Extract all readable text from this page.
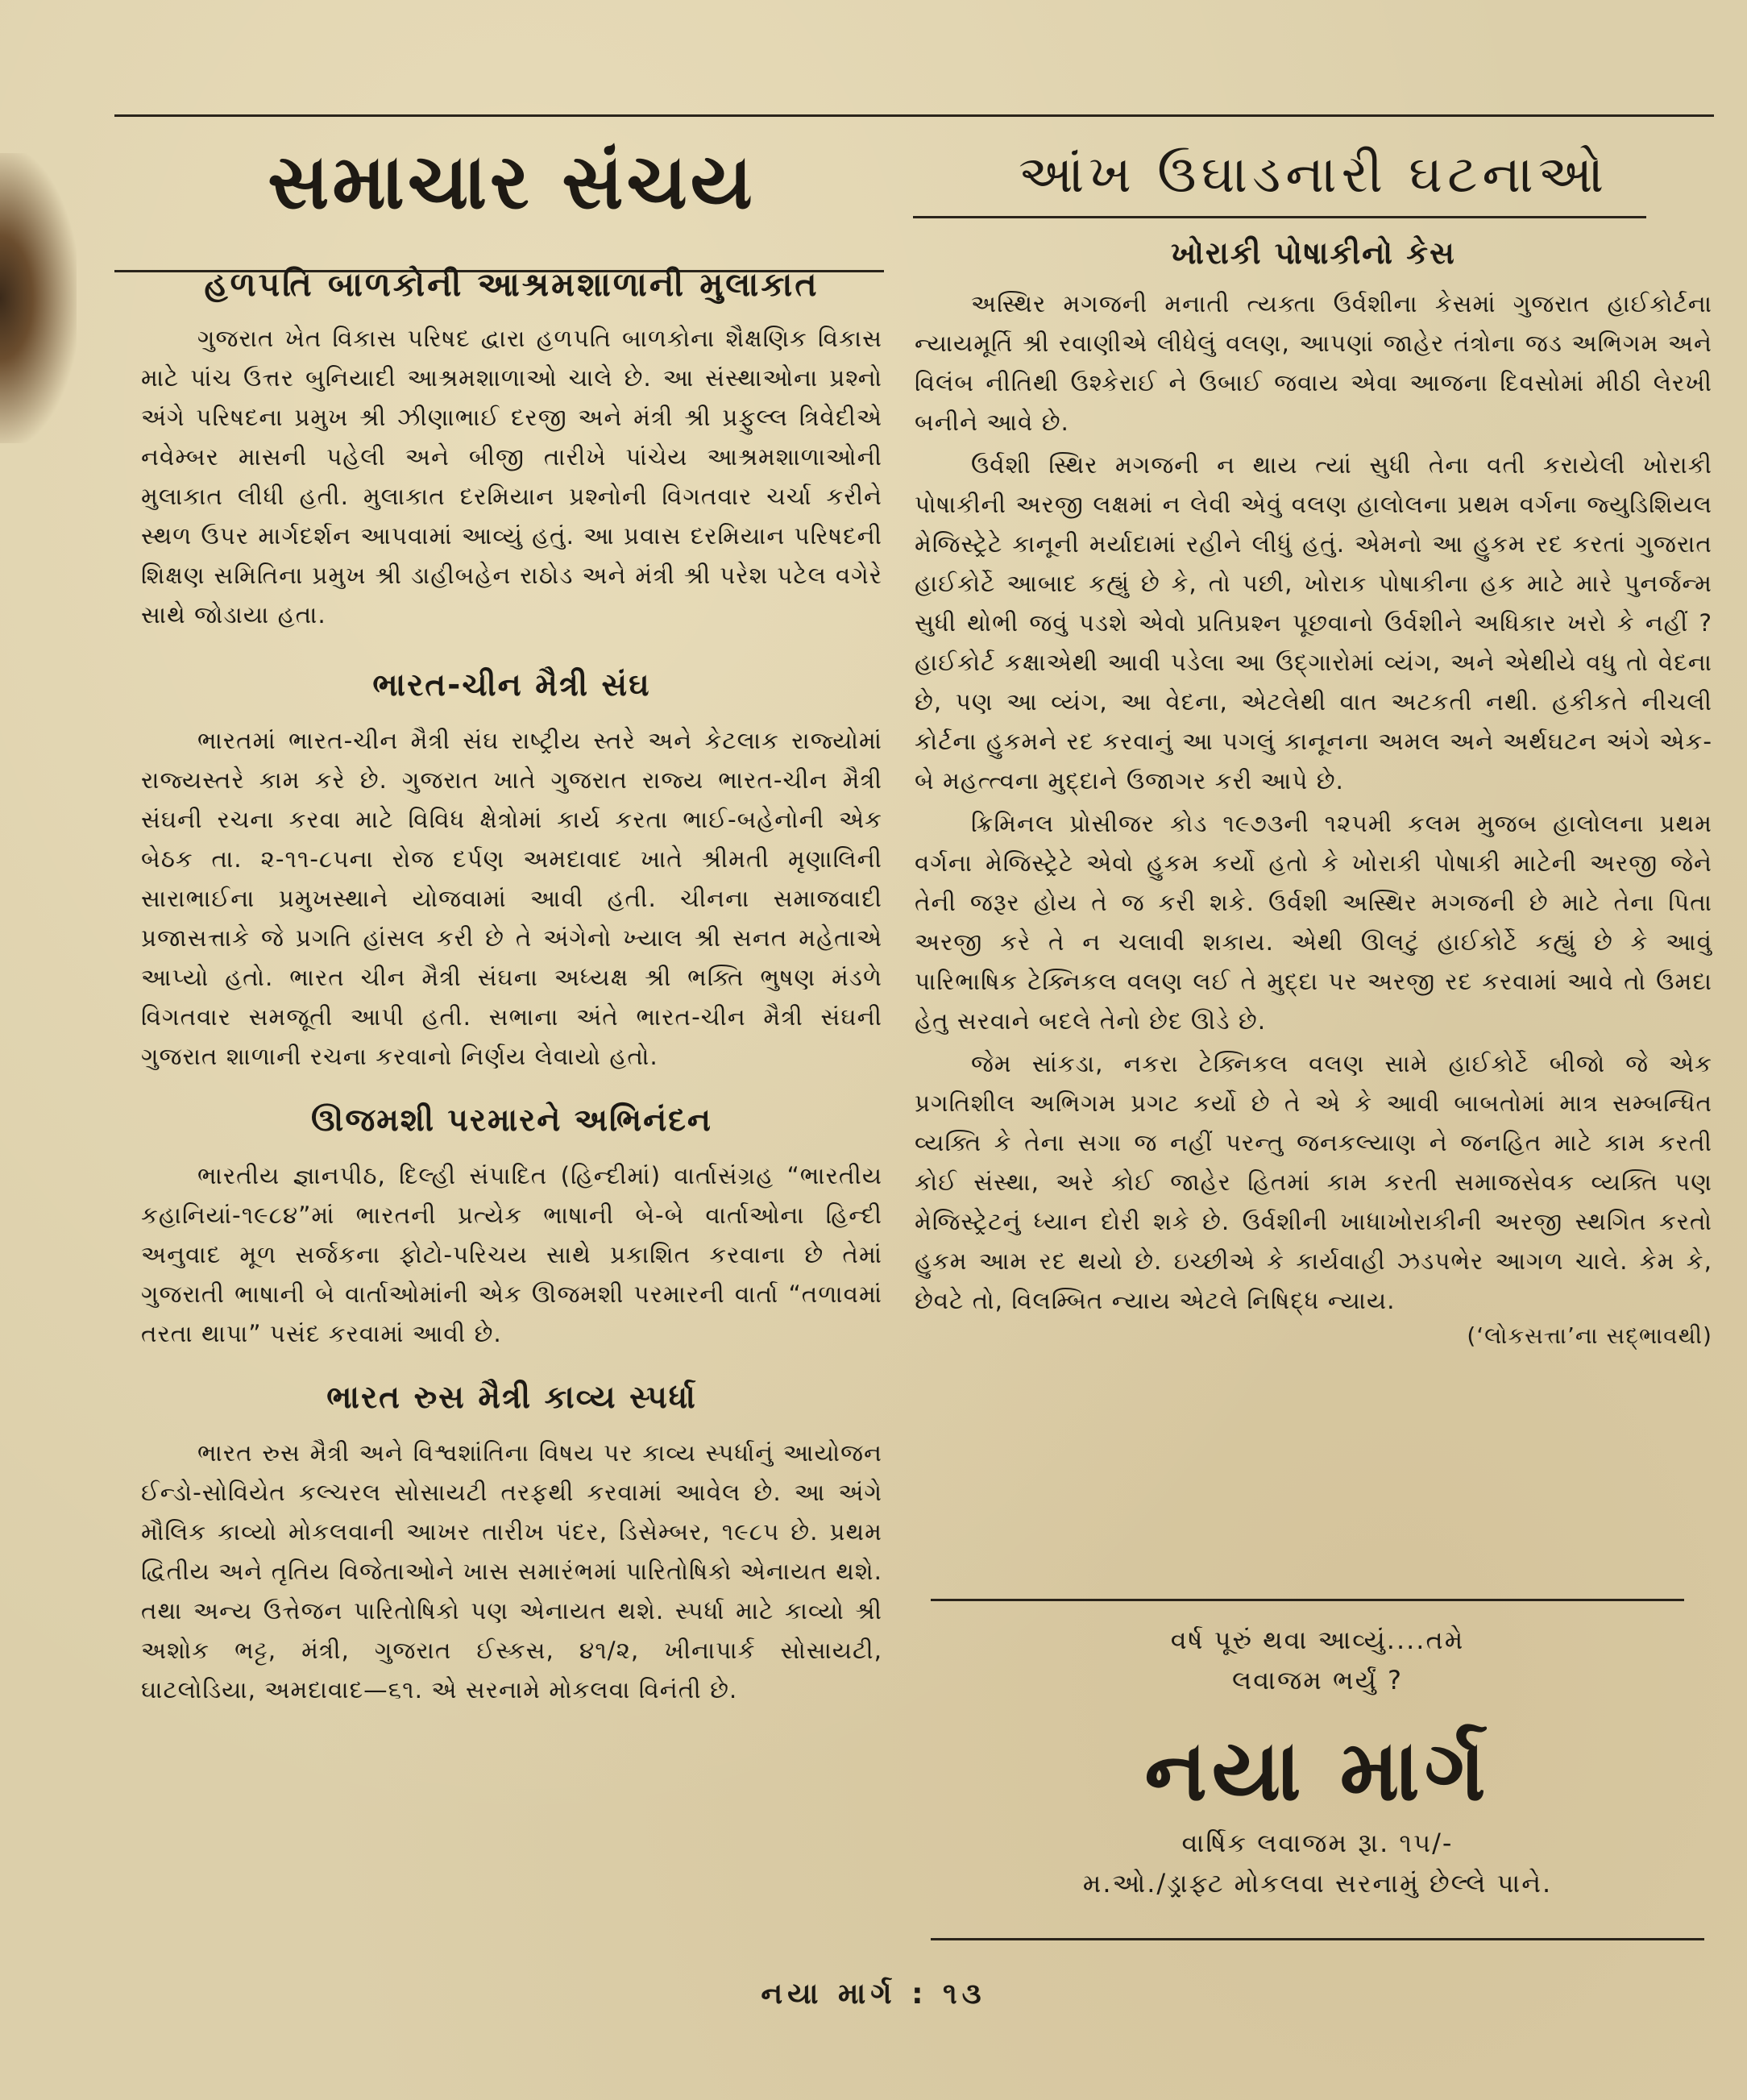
સમાચાર સંચય
હળપતિ બાળકોની આશ્રમશાળાની મુલાકાત

ગુજરાત ખેત વિકાસ પરિષદ દ્વારા હળપતિ બાળકોના શૈક્ષણિક વિકાસ માટે પાંચ ઉત્તર બુનિયાદી આશ્રમશાળાઓ ચાલે છે. આ સંસ્થાઓના પ્રશ્નો અંગે પરિષદના પ્રમુખ શ્રી ઝીણાભાઈ દરજી અને મંત્રી શ્રી પ્રફુલ્લ ત્રિવેદીએ નવેમ્બર માસની પહેલી અને બીજી તારીખે પાંચેય આશ્રમશાળાઓની મુલાકાત લીધી હતી. મુલાકાત દરમિયાન પ્રશ્નોની વિગતવાર ચર્ચા કરીને સ્થળ ઉપર માર્ગદર્શન આપવામાં આવ્યું હતું. આ પ્રવાસ દરમિયાન પરિષદની શિક્ષણ સમિતિના પ્રમુખ શ્રી ડાહીબહેન રાઠોડ અને મંત્રી શ્રી પરેશ પટેલ વગેરે સાથે જોડાયા હતા.

ભારત-ચીન મૈત્રી સંઘ

ભારતમાં ભારત-ચીન મૈત્રી સંઘ રાષ્ટ્રીય સ્તરે અને કેટલાક રાજ્યોમાં રાજ્યસ્તરે કામ કરે છે. ગુજરાત ખાતે ગુજરાત રાજ્ય ભારત-ચીન મૈત્રી સંઘની રચના કરવા માટે વિવિધ ક્ષેત્રોમાં કાર્ય કરતા ભાઈ-બહેનોની એક બેઠક તા. ૨-૧૧-૮૫ના રોજ દર્પણ અમદાવાદ ખાતે શ્રીમતી મૃણાલિની સારાભાઈના પ્રમુખસ્થાને યોજવામાં આવી હતી. ચીનના સમાજવાદી પ્રજાસત્તાકે જે પ્રગતિ હાંસલ કરી છે તે અંગેનો ખ્યાલ શ્રી સનત મહેતાએ આપ્યો હતો. ભારત ચીન મૈત્રી સંઘના અધ્યક્ષ શ્રી ભક્તિ ભુષણ મંડળે વિગતવાર સમજૂતી આપી હતી. સભાના અંતે ભારત-ચીન મૈત્રી સંઘની ગુજરાત શાળાની રચના કરવાનો નિર્ણય લેવાયો હતો.

ઊજમશી પરમારને અભિનંદન

ભારતીય જ્ઞાનપીઠ, દિલ્હી સંપાદિત (હિન્દીમાં) વાર્તાસંગ્રહ “ભારતીય કહાનિયાં-૧૯૮૪”માં ભારતની પ્રત્યેક ભાષાની બે-બે વાર્તાઓના હિન્દી અનુવાદ મૂળ સર્જકના ફોટો-પરિચય સાથે પ્રકાશિત કરવાના છે તેમાં ગુજરાતી ભાષાની બે વાર્તાઓમાંની એક ઊજમશી પરમારની વાર્તા “તળાવમાં તરતા થાપા” પસંદ કરવામાં આવી છે.

ભારત રુસ મૈત્રી કાવ્ય સ્પર્ધા

ભારત રુસ મૈત્રી અને વિશ્વશાંતિના વિષય પર કાવ્ય સ્પર્ધાનું આયોજન ઈન્ડો-સોવિયેત કલ્ચરલ સોસાયટી તરફથી કરવામાં આવેલ છે. આ અંગે મૌલિક કાવ્યો મોકલવાની આખર તારીખ પંદર, ડિસેમ્બર, ૧૯૮૫ છે. પ્રથમ દ્વિતીય અને તૃતિય વિજેતાઓને ખાસ સમારંભમાં પારિતોષિકો એનાયત થશે. તથા અન્ય ઉત્તેજન પારિતોષિકો પણ એનાયત થશે. સ્પર્ધા માટે કાવ્યો શ્રી અશોક ભટ્ટ, મંત્રી, ગુજરાત ઈસ્કસ, ૪૧/૨, ખીનાપાર્ક સોસાયટી, ઘાટલોડિયા, અમદાવાદ—૬૧. એ સરનામે મોકલવા વિનંતી છે.

આંખ ઉઘાડનારી ઘટનાઓ
ખોરાકી પોષાકીનો કેસ

અસ્થિર મગજની મનાતી ત્યક્તા ઉર્વશીના કેસમાં ગુજરાત હાઈકોર્ટના ન્યાયમૂર્તિ શ્રી રવાણીએ લીધેલું વલણ, આપણાં જાહેર તંત્રોના જડ અભિગમ અને વિલંબ નીતિથી ઉશ્કેરાઈ ને ઉબાઈ જવાય એવા આજના દિવસોમાં મીઠી લેરખી બનીને આવે છે.

ઉર્વશી સ્થિર મગજની ન થાય ત્યાં સુધી તેના વતી કરાયેલી ખોરાકી પોષાકીની અરજી લક્ષમાં ન લેવી એવું વલણ હાલોલના પ્રથમ વર્ગના જ્યુડિશિયલ મેજિસ્ટ્રેટે કાનૂની મર્યાદામાં રહીને લીધું હતું. એમનો આ હુકમ રદ કરતાં ગુજરાત હાઈકોર્ટે આબાદ કહ્યું છે કે, તો પછી, ખોરાક પોષાકીના હક માટે મારે પુનર્જન્મ સુધી થોભી જવું પડશે એવો પ્રતિપ્રશ્ન પૂછવાનો ઉર્વશીને અધિકાર ખરો કે નહીં ? હાઈકોર્ટ કક્ષાએથી આવી પડેલા આ ઉદ્ગારોમાં વ્યંગ, અને એથીયે વધુ તો વેદના છે, પણ આ વ્યંગ, આ વેદના, એટલેથી વાત અટકતી નથી. હકીકતે નીચલી કોર્ટના હુકમને રદ કરવાનું આ પગલું કાનૂનના અમલ અને અર્થઘટન અંગે એક-બે મહત્ત્વના મુદ્દાને ઉજાગર કરી આપે છે.

ક્રિમિનલ પ્રોસીજર કોડ ૧૯૭૩ની ૧૨૫મી કલમ મુજબ હાલોલના પ્રથમ વર્ગના મેજિસ્ટ્રેટે એવો હુકમ કર્યો હતો કે ખોરાકી પોષાકી માટેની અરજી જેને તેની જરૂર હોય તે જ કરી શકે. ઉર્વશી અસ્થિર મગજની છે માટે તેના પિતા અરજી કરે તે ન ચલાવી શકાય. એથી ઊલટું હાઈકોર્ટે કહ્યું છે કે આવું પારિભાષિક ટેક્નિકલ વલણ લઈ તે મુદ્દા પર અરજી રદ કરવામાં આવે તો ઉમદા હેતુ સરવાને બદલે તેનો છેદ ઊડે છે.

જેમ સાંકડા, નકરા ટેક્નિકલ વલણ સામે હાઈકોર્ટે બીજો જે એક પ્રગતિશીલ અભિગમ પ્રગટ કર્યો છે તે એ કે આવી બાબતોમાં માત્ર સમ્બન્ધિત વ્યક્તિ કે તેના સગા જ નહીં પરન્તુ જનકલ્યાણ ને જનહિત માટે કામ કરતી કોઈ સંસ્થા, અરે કોઈ જાહેર હિતમાં કામ કરતી સમાજસેવક વ્યક્તિ પણ મેજિસ્ટ્રેટનું ધ્યાન દોરી શકે છે. ઉર્વશીની ખાધાખોરાકીની અરજી સ્થગિત કરતો હુકમ આમ રદ થયો છે. ઇચ્છીએ કે કાર્યવાહી ઝડપભેર આગળ ચાલે. કેમ કે, છેવટે તો, વિલમ્બિત ન્યાય એટલે નિષિદ્ધ ન્યાય.

(‘લોકસત્તા’ના સદ્ભાવથી)

વર્ષ પૂરું થવા આવ્યું....તમે

લવાજમ ભર્યું ?

નયા માર્ગ

વાર્ષિક લવાજમ રૂા. ૧૫/-

મ.ઓ./ડ્રાફ્ટ મોકલવા સરનામું છેલ્લે પાને.

નયા માર્ગ : ૧૩
